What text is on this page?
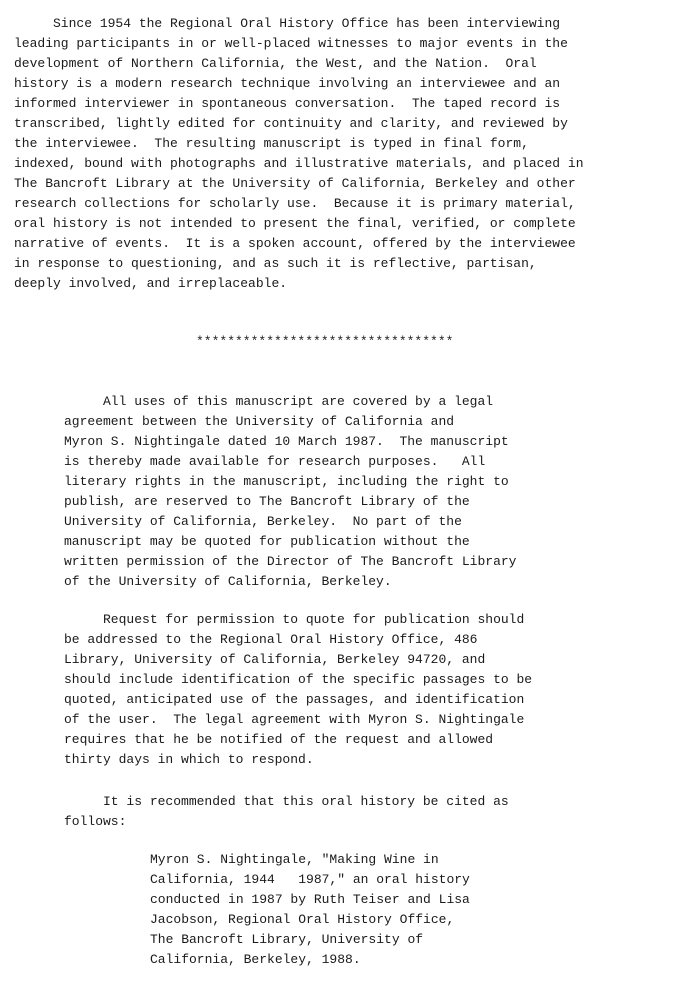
Since 1954 the Regional Oral History Office has been interviewing
leading participants in or well-placed witnesses to major events in the
development of Northern California, the West, and the Nation.  Oral
history is a modern research technique involving an interviewee and an
informed interviewer in spontaneous conversation.  The taped record is
transcribed, lightly edited for continuity and clarity, and reviewed by
the interviewee.  The resulting manuscript is typed in final form,
indexed, bound with photographs and illustrative materials, and placed in
The Bancroft Library at the University of California, Berkeley and other
research collections for scholarly use.  Because it is primary material,
oral history is not intended to present the final, verified, or complete
narrative of events.  It is a spoken account, offered by the interviewee
in response to questioning, and as such it is reflective, partisan,
deeply involved, and irreplaceable.
*********************************
All uses of this manuscript are covered by a legal
agreement between the University of California and
Myron S. Nightingale dated 10 March 1987.  The manuscript
is thereby made available for research purposes.   All
literary rights in the manuscript, including the right to
publish, are reserved to The Bancroft Library of the
University of California, Berkeley.  No part of the
manuscript may be quoted for publication without the
written permission of the Director of The Bancroft Library
of the University of California, Berkeley.
Request for permission to quote for publication should
be addressed to the Regional Oral History Office, 486
Library, University of California, Berkeley 94720, and
should include identification of the specific passages to be
quoted, anticipated use of the passages, and identification
of the user.  The legal agreement with Myron S. Nightingale
requires that he be notified of the request and allowed
thirty days in which to respond.
It is recommended that this oral history be cited as
follows:
Myron S. Nightingale, "Making Wine in
California, 1944   1987," an oral history
conducted in 1987 by Ruth Teiser and Lisa
Jacobson, Regional Oral History Office,
The Bancroft Library, University of
California, Berkeley, 1988.
